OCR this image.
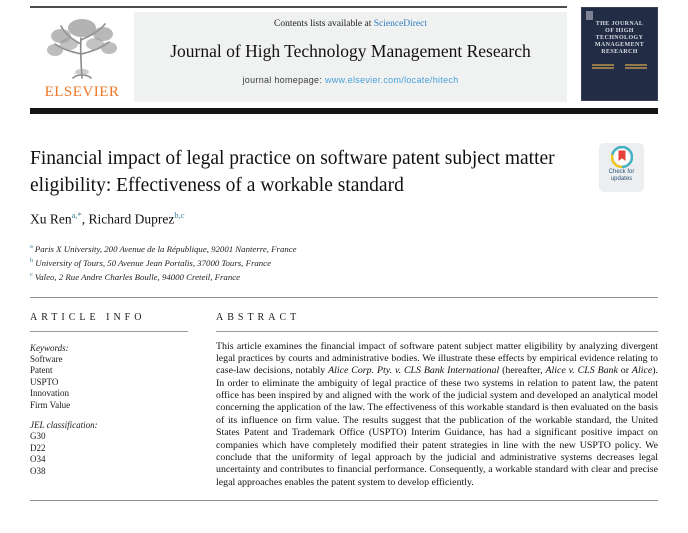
ELSEVIER
Contents lists available at ScienceDirect
Journal of High Technology Management Research
journal homepage: www.elsevier.com/locate/hitech
THE JOURNAL
OF HIGH
TECHNOLOGY
MANAGEMENT
RESEARCH
Financial impact of legal practice on software patent subject matter
eligibility: Effectiveness of a workable standard
Check for
updates
Xu Ren$^{a,*}$, Richard Duprez$^{b,c}$
$^a$ Paris X University, 200 Avenue de la République, 92001 Nanterre, France
$^b$ University of Tours, 50 Avenue Jean Portalis, 37000 Tours, France
$^c$ Valeo, 2 Rue Andre Charles Boulle, 94000 Creteil, France
ARTICLE INFO
Keywords:
Software
Patent
USPTO
Innovation
Firm Value
JEL classification:
G30
D22
O34
O38
ABSTRACT

This article examines the financial impact of software patent subject matter eligibility by analyzing divergent legal practices by courts and administrative bodies. We illustrate these effects by empirical evidence relating to case-law decisions, notably Alice Corp. Pty. v. CLS Bank International (hereafter, Alice v. CLS Bank or Alice). In order to eliminate the ambiguity of legal practice of these two systems in relation to patent law, the patent office has been inspired by and aligned with the work of the judicial system and developed an analytical model concerning the application of the law. The effectiveness of this workable standard is then evaluated on the basis of its influence on firm value. The results suggest that the publication of the workable standard, the United States Patent and Trademark Office (USPTO) Interim Guidance, has had a significant positive impact on companies which have completely modified their patent strategies in line with the new USPTO policy. We conclude that the uniformity of legal approach by the judicial and administrative systems decreases legal uncertainty and contributes to financial performance. Consequently, a workable standard with clear and precise legal approaches enables the patent system to develop efficiently.
